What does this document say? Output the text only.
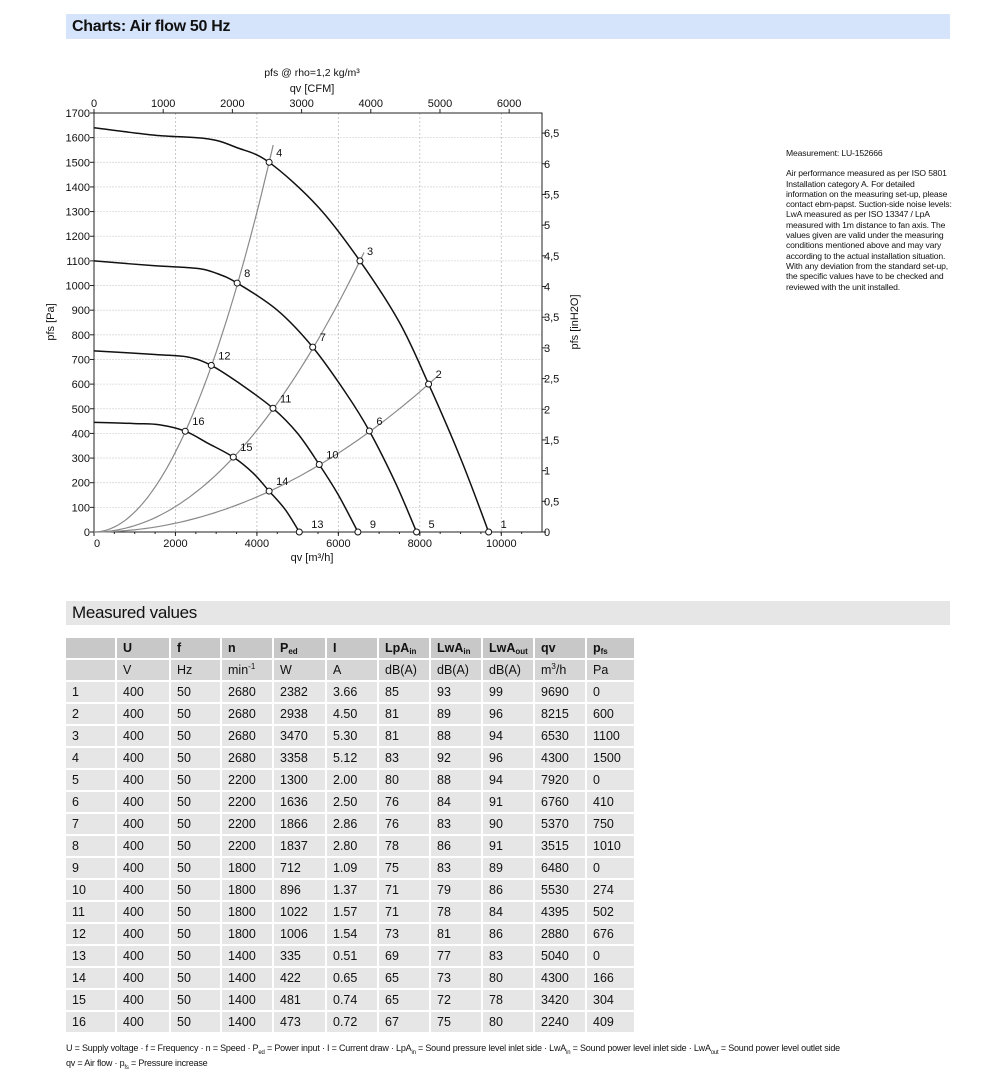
Charts: Air flow 50 Hz
0
100
200
300
400
500
600
700
800
900
1000
1100
1200
1300
1400
1500
1600
1700
0	2000	4000	6000	8000	10000
0	1000	2000	3000	4000	5000	6000
0
0,5
1
1,5
2
2,5
3
3,5
4
4,5
5
5,5
6
6,5
pfs @ rho=1,2 kg/m³
qv [CFM]
qv [m³/h]
pfs [Pa]	pfs [inH2O]
1
2
3
4
5
6
7
8
9
10
11
12
13
14
15
16

Measurement: LU-152666

Air performance measured as per ISO 5801 Installation category A. For detailed information on the measuring set-up, please contact ebm-papst. Suction-side noise levels: LwA measured as per ISO 13347 / LpA measured with 1m distance to fan axis. The values given are valid under the measuring conditions mentioned above and may vary according to the actual installation situation. With any deviation from the standard set-up, the specific values have to be checked and reviewed with the unit installed.

Measured values
	U	f	n	$P_{ed}$	I	LpA$_{in}$	LwA$_{in}$	LwA$_{out}$	qv	$p_{fs}$
	V	Hz	$\min^{-1}$	W	A	dB(A)	dB(A)	dB(A)	$m^3/h$	Pa
1	400	50	2680	2382	3.66	85	93	99	9690	0
2	400	50	2680	2938	4.50	81	89	96	8215	600
3	400	50	2680	3470	5.30	81	88	94	6530	1100
4	400	50	2680	3358	5.12	83	92	96	4300	1500
5	400	50	2200	1300	2.00	80	88	94	7920	0
6	400	50	2200	1636	2.50	76	84	91	6760	410
7	400	50	2200	1866	2.86	76	83	90	5370	750
8	400	50	2200	1837	2.80	78	86	91	3515	1010
9	400	50	1800	712	1.09	75	83	89	6480	0
10	400	50	1800	896	1.37	71	79	86	5530	274
11	400	50	1800	1022	1.57	71	78	84	4395	502
12	400	50	1800	1006	1.54	73	81	86	2880	676
13	400	50	1400	335	0.51	69	77	83	5040	0
14	400	50	1400	422	0.65	65	73	80	4300	166
15	400	50	1400	481	0.74	65	72	78	3420	304
16	400	50	1400	473	0.72	67	75	80	2240	409
U = Supply voltage · f = Frequency · n = Speed · $P_{ed}$ = Power input · I = Current draw · LpA$_{in}$ = Sound pressure level inlet side · LwA$_{in}$ = Sound power level inlet side · LwA$_{out}$ = Sound power level outlet side
qv = Air flow · $p_{fs}$ = Pressure increase
